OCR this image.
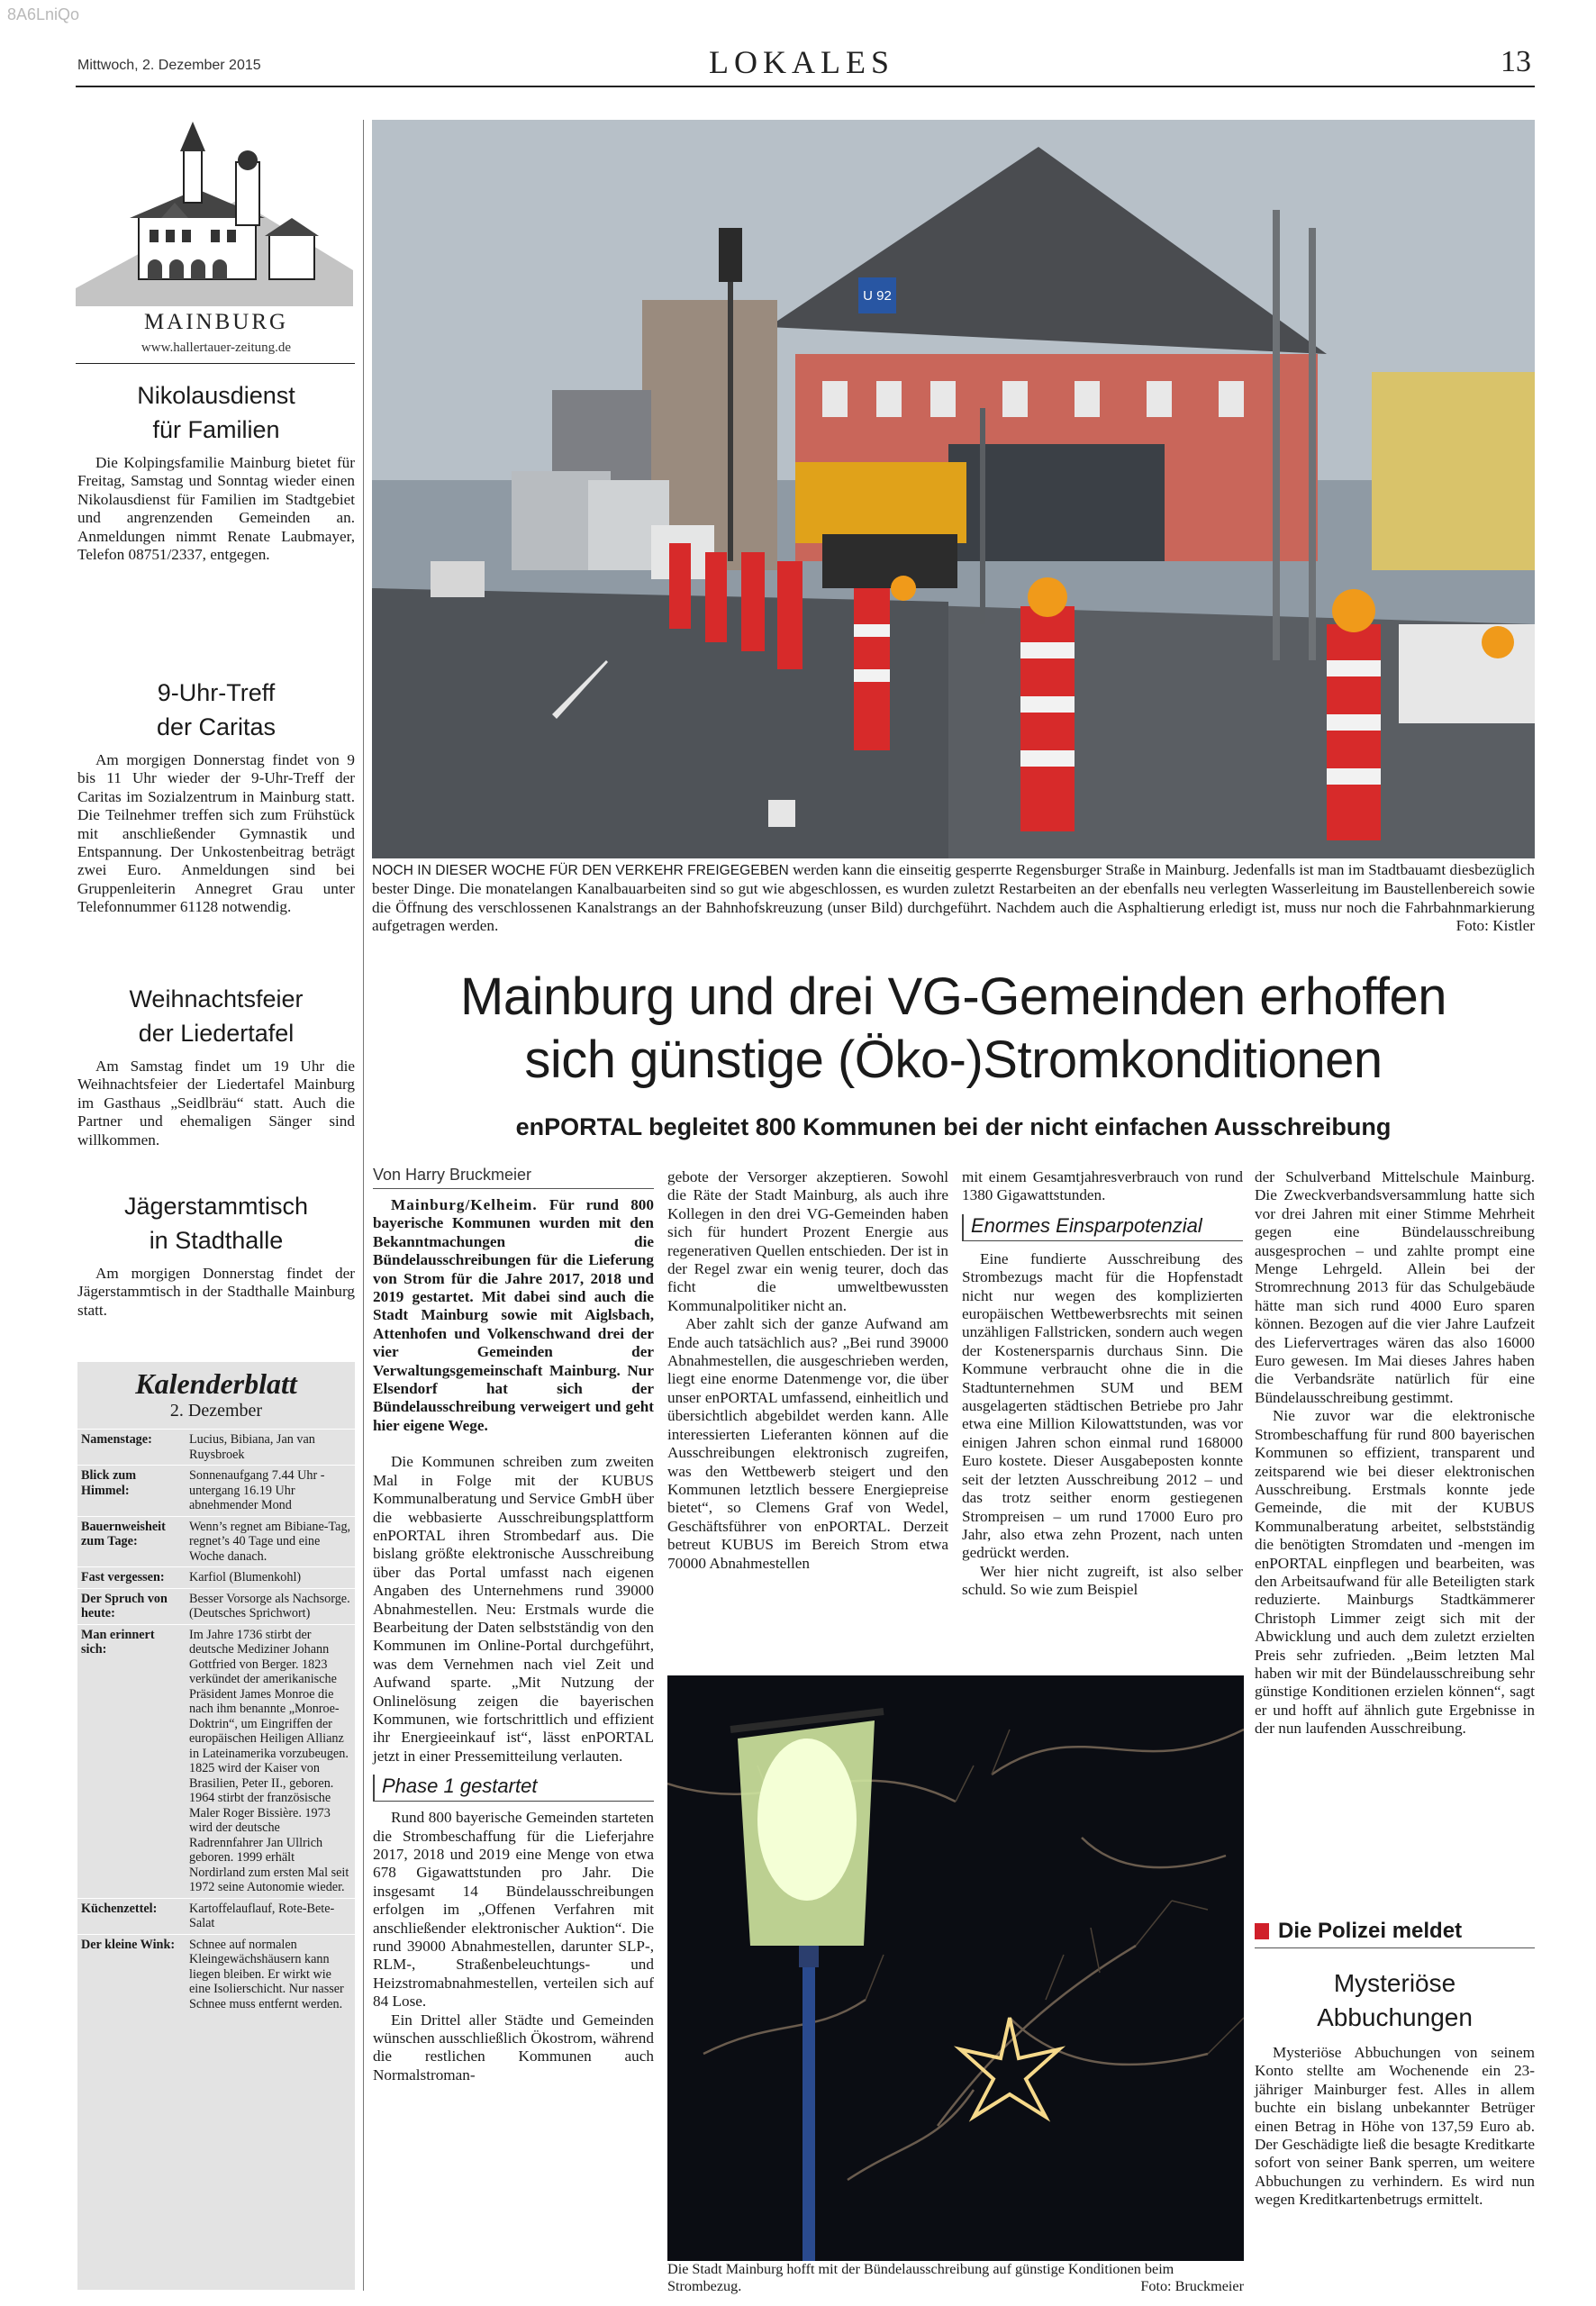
8A6LniQo
Mittwoch, 2. Dezember 2015	LOKALES	13
MAINBURG
www.hallertauer-zeitung.de

Nikolausdienst

für Familien

Die Kolpingsfamilie Mainburg bietet für Freitag, Samstag und Sonntag wieder einen Nikolausdienst für Familien im Stadtgebiet und angrenzenden Gemeinden an. Anmeldungen nimmt Renate Laubmayer, Telefon 08751/2337, entgegen.

9-Uhr-Treff

der Caritas

Am morgigen Donnerstag findet von 9 bis 11 Uhr wieder der 9-Uhr-Treff der Caritas im Sozialzentrum in Mainburg statt. Die Teilnehmer treffen sich zum Frühstück mit anschließender Gymnastik und Entspannung. Der Unkostenbeitrag beträgt zwei Euro. Anmeldungen sind bei Gruppenleiterin Annegret Grau unter Telefonnummer 61128 notwendig.

Weihnachtsfeier

der Liedertafel

Am Samstag findet um 19 Uhr die Weihnachtsfeier der Liedertafel Mainburg im Gasthaus „Seidlbräu“ statt. Auch die Partner und ehemaligen Sänger sind willkommen.

Jägerstammtisch

in Stadthalle

Am morgigen Donnerstag findet der Jägerstammtisch in der Stadthalle Mainburg statt.

Kalenderblatt
2. Dezember
Namenstage:	Lucius, Bibiana, Jan van Ruysbroek
Blick zum Himmel:
Sonnenaufgang 7.44 Uhr -untergang 16.19 Uhr abnehmender Mond
Bauernweisheit zum Tage:
Wenn’s regnet am Bibiane-Tag, regnet’s 40 Tage und eine Woche danach.
Fast vergessen:	Karfiol (Blumenkohl)
Der Spruch von heute:
Besser Vorsorge als Nachsorge. (Deutsches Sprichwort)
Man erinnert sich:
Im Jahre 1736 stirbt der deutsche Mediziner Johann Gottfried von Berger. 1823 verkündet der amerikanische Präsident James Monroe die nach ihm benannte „Monroe-Doktrin“, um Eingriffen der europäischen Heiligen Allianz in Lateinamerika vorzubeugen. 1825 wird der Kaiser von Brasilien, Peter II., geboren. 1964 stirbt der französische Maler Roger Bissière. 1973 wird der deutsche Radrennfahrer Jan Ullrich geboren. 1999 erhält Nordirland zum ersten Mal seit 1972 seine Autonomie wieder.
Küchenzettel:	Kartoffelauflauf, Rote-Bete-Salat
Der kleine Wink:	Schnee auf normalen Kleingewächshäusern kann liegen bleiben. Er wirkt wie eine Isolierschicht. Nur nasser Schnee muss entfernt werden.
U 92
NOCH IN DIESER WOCHE FÜR DEN VERKEHR FREIGEGEBEN werden kann die einseitig gesperrte Regensburger Straße in Mainburg. Jedenfalls ist man im Stadtbauamt diesbezüglich bester Dinge. Die monatelangen Kanalbauarbeiten sind so gut wie abgeschlossen, es wurden zuletzt Restarbeiten an der ebenfalls neu verlegten Wasserleitung im Baustellenbereich sowie die Öffnung des verschlossenen Kanalstrangs an der Bahnhofskreuzung (unser Bild) durchgeführt. Nachdem auch die Asphaltierung erledigt ist, muss nur noch die Fahrbahnmarkierung aufgetragen werden.	Foto: Kistler
Mainburg und drei VG-Gemeinden erhoffen
sich günstige (Öko-)Stromkonditionen
enPORTAL begleitet 800 Kommunen bei der nicht einfachen Ausschreibung
Von Harry Bruckmeier

Mainburg/Kelheim. Für rund 800 bayerische Kommunen wurden mit den Bekanntmachungen die Bündelausschreibungen für die Lieferung von Strom für die Jahre 2017, 2018 und 2019 gestartet. Mit dabei sind auch die Stadt Mainburg sowie mit Aiglsbach, Attenhofen und Volkenschwand drei der vier Gemeinden der Verwaltungsgemeinschaft Mainburg. Nur Elsendorf hat sich der Bündelausschreibung verweigert und geht hier eigene Wege.

Die Kommunen schreiben zum zweiten Mal in Folge mit der KUBUS Kommunalberatung und Service GmbH über die webbasierte Ausschreibungsplattform enPORTAL ihren Strombedarf aus. Die bislang größte elektronische Ausschreibung über das Portal umfasst nach eigenen Angaben des Unternehmens rund 39000 Abnahmestellen. Neu: Erstmals wurde die Bearbeitung der Daten selbstständig von den Kommunen im Online-Portal durchgeführt, was dem Vernehmen nach viel Zeit und Aufwand sparte. „Mit Nutzung der Onlinelösung zeigen die bayerischen Kommunen, wie fortschrittlich und effizient ihr Energieeinkauf ist“, lässt enPORTAL jetzt in einer Pressemitteilung verlauten.

Phase 1 gestartet

Rund 800 bayerische Gemeinden starteten die Strombeschaffung für die Lieferjahre 2017, 2018 und 2019 eine Menge von etwa 678 Gigawattstunden pro Jahr. Die insgesamt 14 Bündelausschreibungen erfolgen im „Offenen Verfahren mit anschließender elektronischer Auktion“. Die rund 39000 Abnahmestellen, darunter SLP-, RLM-, Straßenbeleuchtungs- und Heizstromabnahmestellen, verteilen sich auf 84 Lose.

Ein Drittel aller Städte und Gemeinden wünschen ausschließlich Ökostrom, während die restlichen Kommunen auch Normalstroman-

gebote der Versorger akzeptieren. Sowohl die Räte der Stadt Mainburg, als auch ihre Kollegen in den drei VG-Gemeinden haben sich für hundert Prozent Energie aus regenerativen Quellen entschieden. Der ist in der Regel zwar ein wenig teurer, doch das ficht die umweltbewussten Kommunalpolitiker nicht an.

Aber zahlt sich der ganze Aufwand am Ende auch tatsächlich aus? „Bei rund 39000 Abnahmestellen, die ausgeschrieben werden, liegt eine enorme Datenmenge vor, die über unser enPORTAL umfassend, einheitlich und übersichtlich abgebildet werden kann. Alle interessierten Lieferanten können auf die Ausschreibungen elektronisch zugreifen, was den Wettbewerb steigert und den Kommunen letztlich bessere Energiepreise bietet“, so Clemens Graf von Wedel, Geschäftsführer von enPORTAL. Derzeit betreut KUBUS im Bereich Strom etwa 70000 Abnahmestellen

mit einem Gesamtjahresverbrauch von rund 1380 Gigawattstunden.

Enormes Einsparpotenzial

Eine fundierte Ausschreibung des Strombezugs macht für die Hopfenstadt nicht nur wegen des komplizierten europäischen Wettbewerbsrechts mit seinen unzähligen Fallstricken, sondern auch wegen der Kostenersparnis durchaus Sinn. Die Kommune verbraucht ohne die in die Stadtunternehmen SUM und BEM ausgelagerten städtischen Betriebe pro Jahr etwa eine Million Kilowattstunden, was vor einigen Jahren schon einmal rund 168000 Euro kostete. Dieser Ausgabeposten konnte seit der letzten Ausschreibung 2012 – und das trotz seither enorm gestiegenen Strompreisen – um rund 17000 Euro pro Jahr, also etwa zehn Prozent, nach unten gedrückt werden.

Wer hier nicht zugreift, ist also selber schuld. So wie zum Beispiel

der Schulverband Mittelschule Mainburg. Die Zweckverbandsversammlung hatte sich vor drei Jahren mit einer Stimme Mehrheit gegen eine Bündelausschreibung ausgesprochen – und zahlte prompt eine Menge Lehrgeld. Allein bei der Stromrechnung 2013 für das Schulgebäude hätte man sich rund 4000 Euro sparen können. Bezogen auf die vier Jahre Laufzeit des Liefervertrages wären das also 16000 Euro gewesen. Im Mai dieses Jahres haben die Verbandsräte natürlich für eine Bündelausschreibung gestimmt.

Nie zuvor war die elektronische Strombeschaffung für rund 800 bayerischen Kommunen so effizient, transparent und zeitsparend wie bei dieser elektronischen Ausschreibung. Erstmals konnte jede Gemeinde, die mit der KUBUS Kommunalberatung arbeitet, selbstständig die benötigten Stromdaten und -mengen im enPORTAL einpflegen und bearbeiten, was den Arbeitsaufwand für alle Beteiligten stark reduzierte. Mainburgs Stadtkämmerer Christoph Limmer zeigt sich mit der Abwicklung und auch dem zuletzt erzielten Preis sehr zufrieden. „Beim letzten Mal haben wir mit der Bündelausschreibung sehr günstige Konditionen erzielen können“, sagt er und hofft auf ähnlich gute Ergebnisse in der nun laufenden Ausschreibung.

Die Stadt Mainburg hofft mit der Bündelausschreibung auf günstige Konditionen beim Strombezug.	Foto: Bruckmeier
Die Polizei meldet

Mysteriöse

Abbuchungen

Mysteriöse Abbuchungen von seinem Konto stellte am Wochenende ein 23-jähriger Mainburger fest. Alles in allem buchte ein bislang unbekannter Betrüger einen Betrag in Höhe von 137,59 Euro ab. Der Geschädigte ließ die besagte Kreditkarte sofort von seiner Bank sperren, um weitere Abbuchungen zu verhindern. Es wird nun wegen Kreditkartenbetrugs ermittelt.
